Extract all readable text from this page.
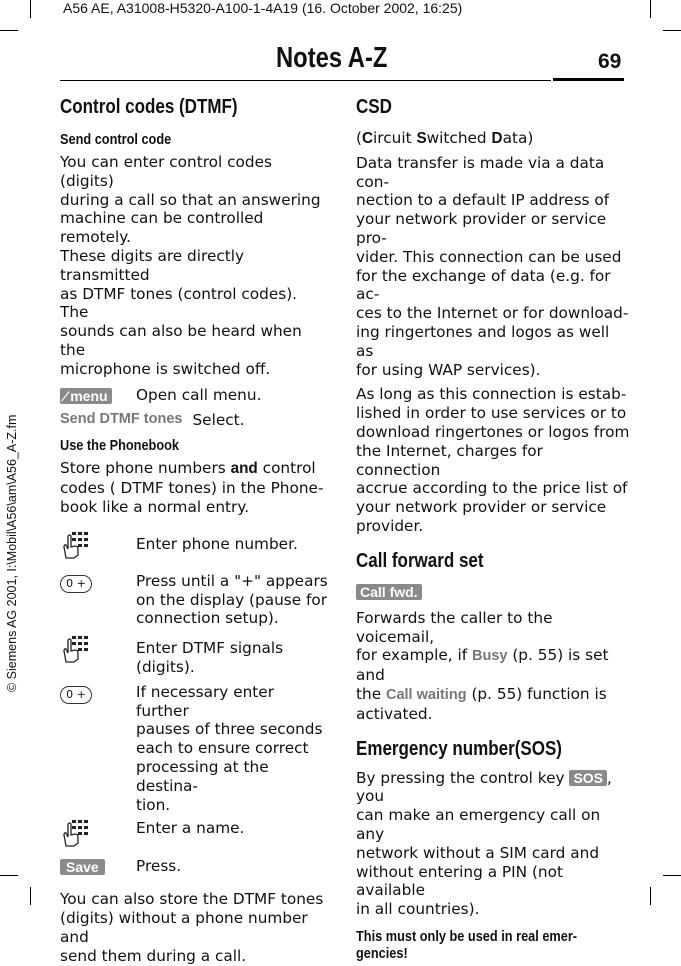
A56 AE, A31008-H5320-A100-1-4A19 (16. October 2002, 16:25)
© Siemens AG 2001, I:\Mobil\A56\am\A56_A-Z.fm
Notes A-Z	69
Control codes (DTMF)
Send control code

You can enter control codes (digits)

during a call so that an answering

machine can be controlled remotely.

These digits are directly transmitted

as DTMF tones (control codes). The

sounds can also be heard when the

microphone is switched off.

⁄ menu	Open call menu.
Send DTMF tones Select.
Use the Phonebook

Store phone numbers and control

codes ( DTMF tones) in the Phone-

book like a normal entry.

Enter phone number.
0 +	Press until a "+" appears

on the display (pause for

connection setup).

Enter DTMF signals

(digits).

0 +	If necessary enter further

pauses of three seconds

each to ensure correct

processing at the destina-

tion.

Enter a name.
Save	Press.

You can also store the DTMF tones

(digits) without a phone number and

send them during a call.

CSD

(Circuit Switched Data)

Data transfer is made via a data con-

nection to a default IP address of

your network provider or service pro-

vider. This connection can be used

for the exchange of data (e.g. for ac-

ces to the Internet or for download-

ing ringertones and logos as well as

for using WAP services).

As long as this connection is estab-

lished in order to use services or to

download ringertones or logos from

the Internet, charges for connection

accrue according to the price list of

your network provider or service

provider.

Call forward set
Call fwd.

Forwards the caller to the voicemail,

for example, if Busy (p. 55) is set and

the Call waiting (p. 55) function is

activated.

Emergency number(SOS)

By pressing the control key SOS , you

can make an emergency call on any

network without a SIM card and

without entering a PIN (not available

in all countries).

This must only be used in real emer-
gencies!
